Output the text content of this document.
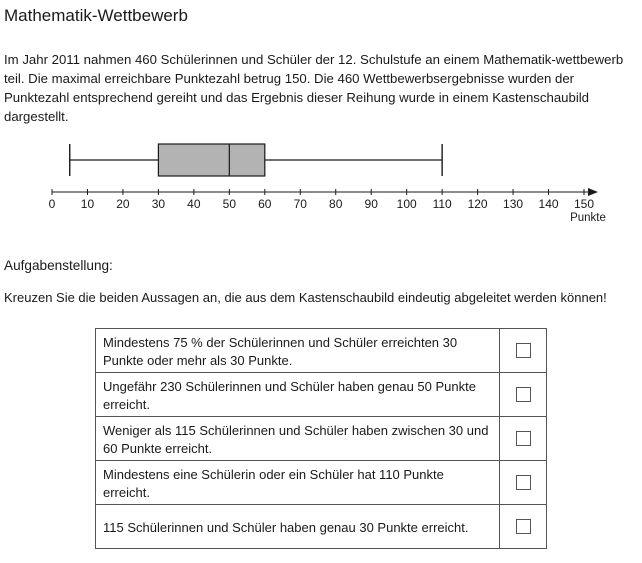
Mathematik-Wettbewerb

Im Jahr 2011 nahmen 460 Schülerinnen und Schüler der 12. Schulstufe an einem Mathematik-wettbewerb teil. Die maximal erreichbare Punktezahl betrug 150. Die 460 Wettbewerbsergebnisse wurden der Punktezahl entsprechend gereiht und das Ergebnis dieser Reihung wurde in einem Kastenschaubild dargestellt.

0 10 20 30 40 50 60 70 80 90 100 110 120 130 140 150
Punkte
Aufgabenstellung:

Kreuzen Sie die beiden Aussagen an, die aus dem Kastenschaubild eindeutig abgeleitet werden können!

Mindestens 75 % der Schülerinnen und Schüler erreichten 30 Punkte oder mehr als 30 Punkte.	
Ungefähr 230 Schülerinnen und Schüler haben genau 50 Punkte erreicht.	
Weniger als 115 Schülerinnen und Schüler haben zwischen 30 und 60 Punkte erreicht.	
Mindestens eine Schülerin oder ein Schüler hat 110 Punkte erreicht.	
115 Schülerinnen und Schüler haben genau 30 Punkte erreicht.	
